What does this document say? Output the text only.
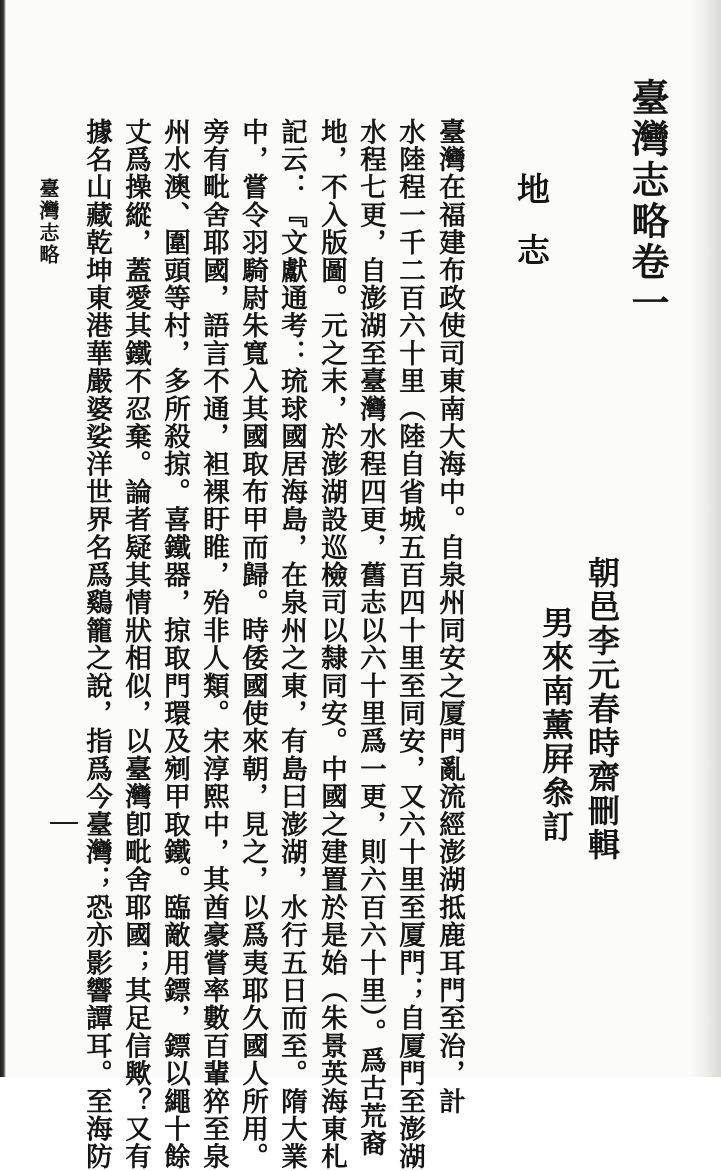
臺灣志略卷一
地志
朝邑李元春時齋刪輯
男來南薰屛叅訂
臺灣在福建布政使司東南大海中。自泉州同安之厦門亂流經澎湖抵鹿耳門至治，計
水陸程一千二百六十里（陸自省城五百四十里至同安，又六十里至厦門；自厦門至澎湖
水程七更，自澎湖至臺灣水程四更，舊志以六十里爲一更，則六百六十里）。爲古荒裔
地，不入版圖。元之末，於澎湖設巡檢司以隸同安。中國之建置於是始（朱景英海東札
記云：『文獻通考：琉球國居海島，在泉州之東，有島曰澎湖，水行五日而至。隋大業
中，嘗令羽騎尉朱寬入其國取布甲而歸。時倭國使來朝，見之，以爲夷耶久國人所用。
旁有毗舍耶國，語言不通，袒裸盱睢，殆非人類。宋淳熙中，其酋豪嘗率數百輩猝至泉
州水澳、圍頭等村，多所殺掠。喜鐵器，掠取門環及剜甲取鐵。臨敵用鏢，鏢以繩十餘
丈爲操縱，蓋愛其鐵不忍棄。論者疑其情狀相似，以臺灣卽毗舍耶國；其足信歟？又有
據名山藏乾坤東港華嚴婆娑洋世界名爲鷄籠之說，指爲今臺灣；恐亦影響譚耳。至海防
臺灣志略
